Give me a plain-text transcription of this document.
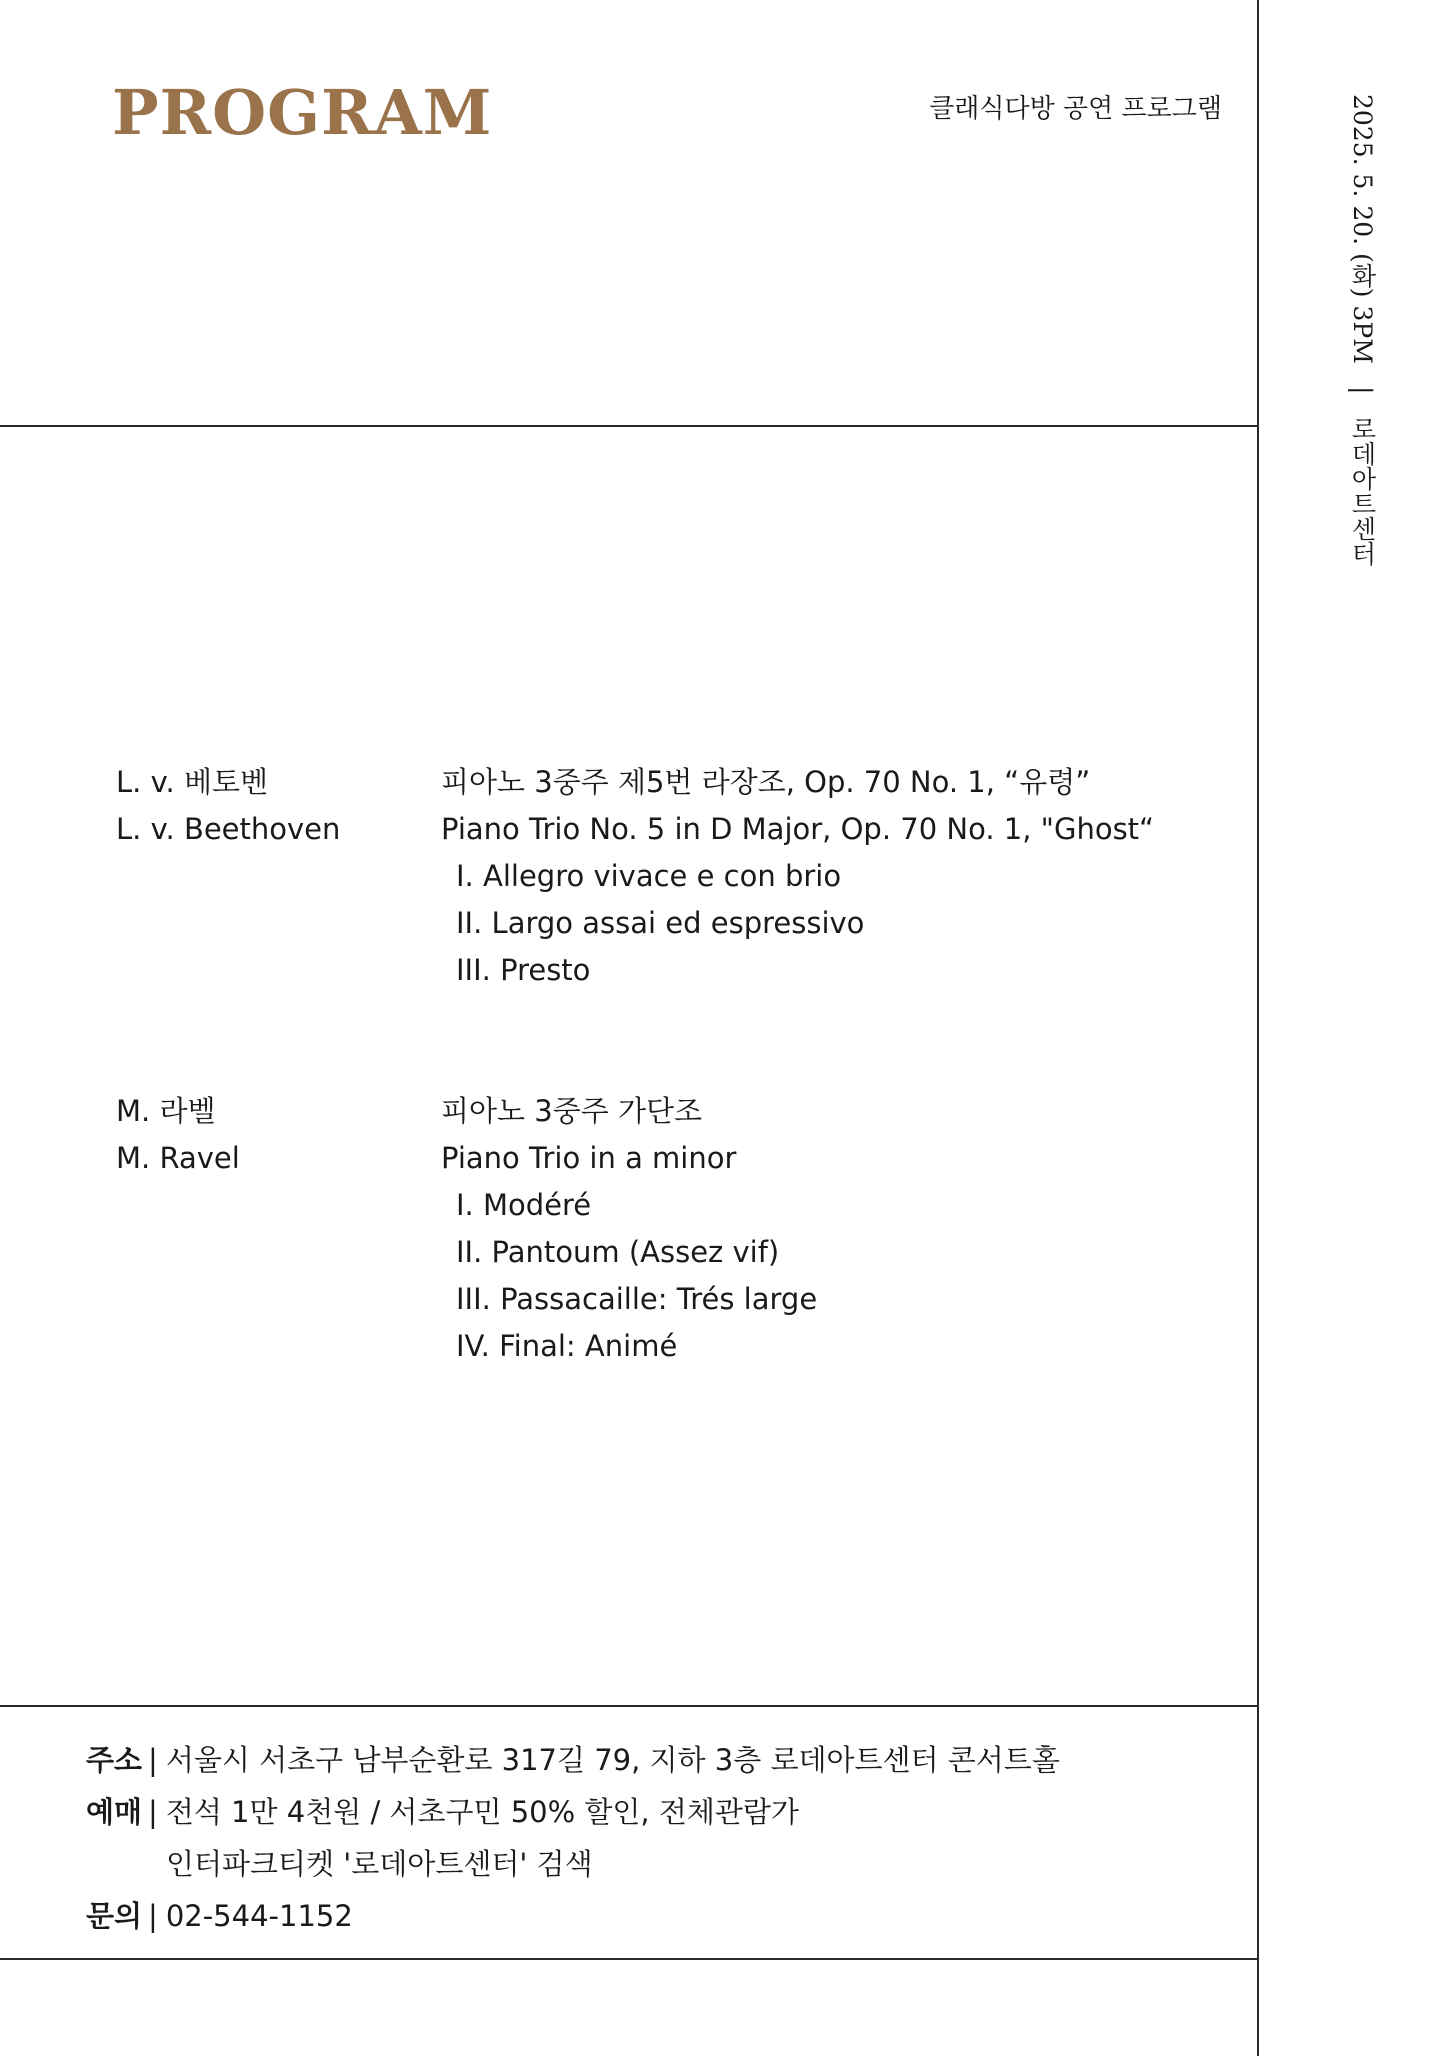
PROGRAM	클래식다방 공연 프로그램	2025. 5. 20. (화) 3PM | 로데아트센터
L. v. 베토벤
L. v. Beethoven
피아노 3중주 제5번 라장조, Op. 70 No. 1, “유령”
Piano Trio No. 5 in D Major, Op. 70 No. 1, "Ghost“
I. Allegro vivace e con brio
II. Largo assai ed espressivo
III. Presto
M. 라벨
M. Ravel
피아노 3중주 가단조
Piano Trio in a minor
I. Modéré
II. Pantoum (Assez vif)
III. Passacaille: Trés large
IV. Final: Animé
주소 | 서울시 서초구 남부순환로 317길 79, 지하 3층 로데아트센터 콘서트홀
예매 | 전석 1만 4천원 / 서초구민 50% 할인, 전체관람가
인터파크티켓 '로데아트센터' 검색
문의 | 02-544-1152
